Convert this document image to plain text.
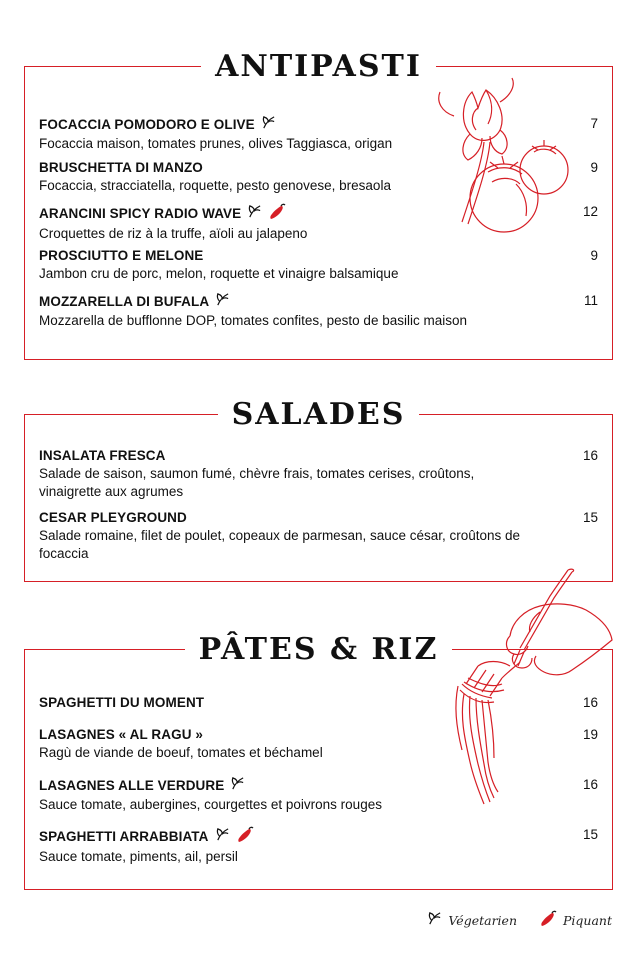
ANTIPASTI
FOCACCIA POMODORO E OLIVE
Focaccia maison, tomates prunes, olives Taggiasca, origan
7
BRUSCHETTA DI MANZO
Focaccia, stracciatella, roquette, pesto genovese, bresaola
9
ARANCINI SPICY RADIO WAVE
Croquettes de riz à la truffe, aïoli au jalapeno
12
PROSCIUTTO E MELONE
Jambon cru de porc, melon, roquette et vinaigre balsamique
9
MOZZARELLA DI BUFALA
Mozzarella de bufflonne DOP, tomates confites, pesto de basilic maison
11
SALADES
INSALATA FRESCA
Salade de saison, saumon fumé, chèvre frais, tomates cerises, croûtons, vinaigrette aux agrumes
16
CESAR PLEYGROUND
Salade romaine, filet de poulet, copeaux de parmesan, sauce césar, croûtons de focaccia
15
PÂTES & RIZ
SPAGHETTI DU MOMENT	16
LASAGNES « AL RAGU »
Ragù de viande de boeuf, tomates et béchamel
19
LASAGNES ALLE VERDURE
Sauce tomate, aubergines, courgettes et poivrons rouges
16
SPAGHETTI ARRABBIATA
Sauce tomate, piments, ail, persil
15
Végetarien	Piquant
